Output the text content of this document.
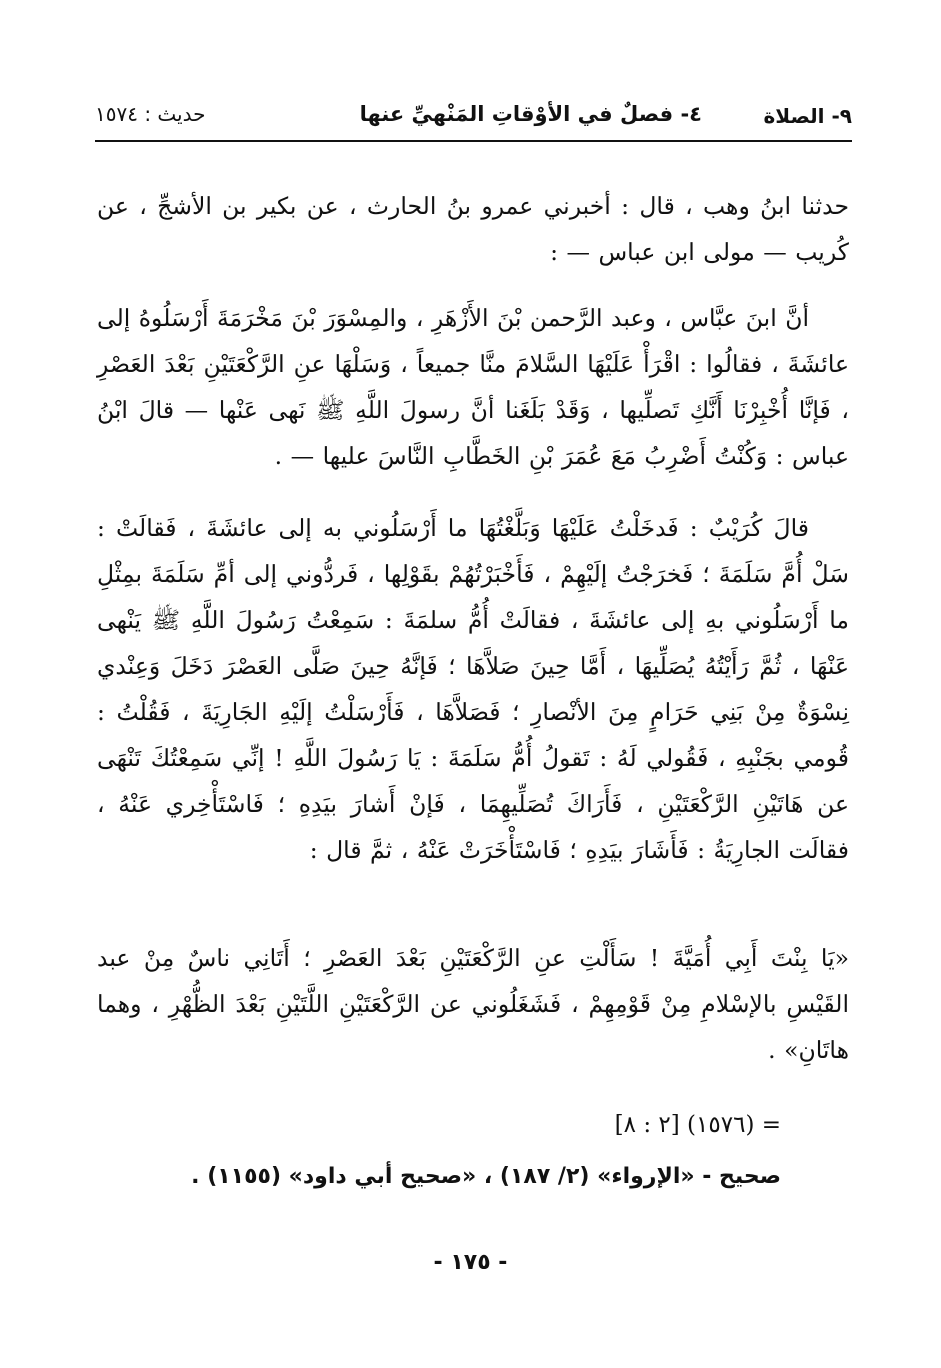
٩- الصلاة
٤- فصلٌ في الأوْقاتِ المَنْهيِّ عنها
حديث : ١٥٧٤
حدثنا ابنُ وهب ، قال : أخبرني عمرو بنُ الحارث ، عن بكير بن الأشجِّ ، عن كُريب — مولى ابن عباس — :
أنَّ ابنَ عبَّاس ، وعبد الرَّحمن بْنَ الأَزْهَرِ ، والمِسْوَرَ بْنَ مَخْرَمَةَ أَرْسَلُوهُ إلى عائشَةَ ، فقالُوا : اقْرَأْ عَلَيْهَا السَّلامَ منَّا جميعاً ، وَسَلْهَا عنِ الرَّكْعَتَيْنِ بَعْدَ العَصْرِ ، فَإنَّا أُخْبِرْنَا أَنَّكِ تَصلِّيها ، وَقَدْ بَلَغَنا أنَّ رسولَ اللَّهِ ﷺ نَهى عَنْها — قالَ ابْنُ عباس : وَكُنْتُ أَضْرِبُ مَعَ عُمَرَ بْنِ الخَطَّابِ النَّاسَ عليها — .
قالَ كُرَيْبٌ : فَدخَلْتُ عَلَيْهَا وَبَلَّغْتُهَا ما أَرْسَلُوني به إلى عائشَةَ ، فَقالَتْ : سَلْ أُمَّ سَلَمَةَ ؛ فَخرَجْتُ إلَيْهِمْ ، فَأَخْبَرْتُهُمْ بقَوْلِها ، فَردُّوني إلى أمِّ سَلَمَةَ بمِثْلِ ما أَرْسَلُوني بهِ إلى عائشَةَ ، فقالَتْ أُمُّ سلمَةَ : سَمِعْتُ رَسُولَ اللَّهِ ﷺ يَنْهى عَنْهَا ، ثُمَّ رَأَيْتُهُ يُصَلِّيهَا ، أَمَّا حِينَ صَلاَّهَا ؛ فَإنَّهُ حِينَ صَلَّى العَصْرَ دَخَلَ وَعِنْدي نِسْوَةٌ مِنْ بَنِي حَرَامٍ مِنَ الأنْصارِ ؛ فَصَلاَّهَا ، فَأَرْسَلْتُ إلَيْهِ الجَارِيَةَ ، فَقُلْتُ : قُومي بجَنْبِهِ ، فَقُولي لَهُ : تَقولُ أُمُّ سَلَمَةَ : يَا رَسُولَ اللَّهِ ! إنِّي سَمِعْتُكَ تَنْهَى عن هَاتَيْنِ الرَّكْعَتَيْنِ ، فَأَرَاكَ تُصَلِّيهِمَا ، فَإنْ أَشارَ بيَدِهِ ؛ فَاسْتَأْخِري عَنْهُ ، فقالَت الجارِيَةُ : فَأَشَارَ بيَدِهِ ؛ فَاسْتَأْخَرَتْ عَنْهُ ، ثمَّ قال :
«يَا بِنْتَ أَبِي أُمَيَّةَ ! سَأَلْتِ عنِ الرَّكْعَتَيْنِ بَعْدَ العَصْرِ ؛ أَتَانِي ناسٌ مِنْ عبد القَيْسِ بالإسْلامِ مِنْ قَوْمِهِمْ ، فَشَغَلُوني عن الرَّكْعَتَيْنِ اللَّتَيْنِ بَعْدَ الظُّهْرِ ، وهما هاتَانِ» .
= (١٥٧٦) [٢ : ٨]
صحيح - «الإرواء» (٢/ ١٨٧) ، «صحيح أبي داود» (١١٥٥) .
- ١٧٥ -
